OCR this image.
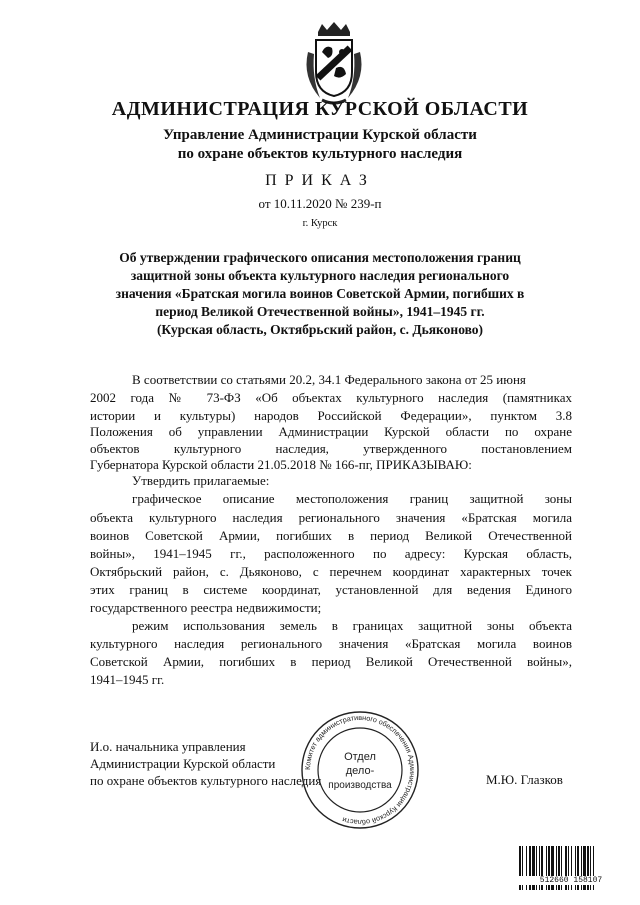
АДМИНИСТРАЦИЯ КУРСКОЙ ОБЛАСТИ
Управление Администрации Курской области
по охране объектов культурного наследия
ПРИКАЗ
от 10.11.2020 № 239-п
г. Курск
Об утверждении графического описания местоположения границ
защитной зоны объекта культурного наследия регионального
значения «Братская могила воинов Советской Армии, погибших в
период Великой Отечественной войны», 1941–1945 гг.
(Курская область, Октябрьский район, с. Дьяконово)
В соответствии со статьями 20.2, 34.1 Федерального закона от 25 июня
2002 года № 73-ФЗ «Об объектах культурного наследия (памятниках
истории и культуры) народов Российской Федерации», пунктом 3.8
Положения об управлении Администрации Курской области по охране
объектов культурного наследия, утвержденного постановлением
Губернатора Курской области 21.05.2018 № 166-пг, ПРИКАЗЫВАЮ:
Утвердить прилагаемые:
графическое описание местоположения границ защитной зоны
объекта культурного наследия регионального значения «Братская могила
воинов Советской Армии, погибших в период Великой Отечественной
войны», 1941–1945 гг., расположенного по адресу: Курская область,
Октябрьский район, с. Дьяконово, с перечнем координат характерных точек
этих границ в системе координат, установленной для ведения Единого
государственного реестра недвижимости;
режим использования земель в границах защитной зоны объекта
культурного наследия регионального значения «Братская могила воинов
Советской Армии, погибших в период Великой Отечественной войны»,
1941–1945 гг.
И.о. начальника управления
Администрации Курской области
по охране объектов культурного наследия	М.Ю. Глазков
Комитет административного обеспечения Администрации Курской области
Отдел
дело-
производства
512660 158107
